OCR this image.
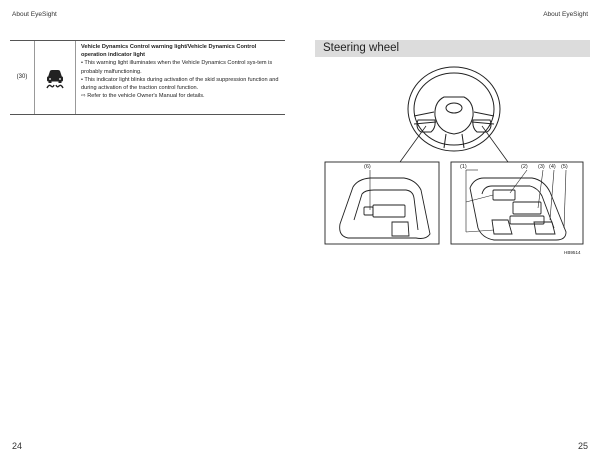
About EyeSight	About EyeSight
(30)
Vehicle Dynamics Control warning light/Vehicle Dynamics Control operation indicator light

• This warning light illuminates when the Vehicle Dynamics Control sys-tem is probably malfunctioning.

• This indicator light blinks during activation of the skid suppression function and during activation of the traction control function.

⇨ Refer to the vehicle Owner's Manual for details.

Steering wheel
(6)	(1)	(2) (3) (4) (5)
HB9514
24	25
